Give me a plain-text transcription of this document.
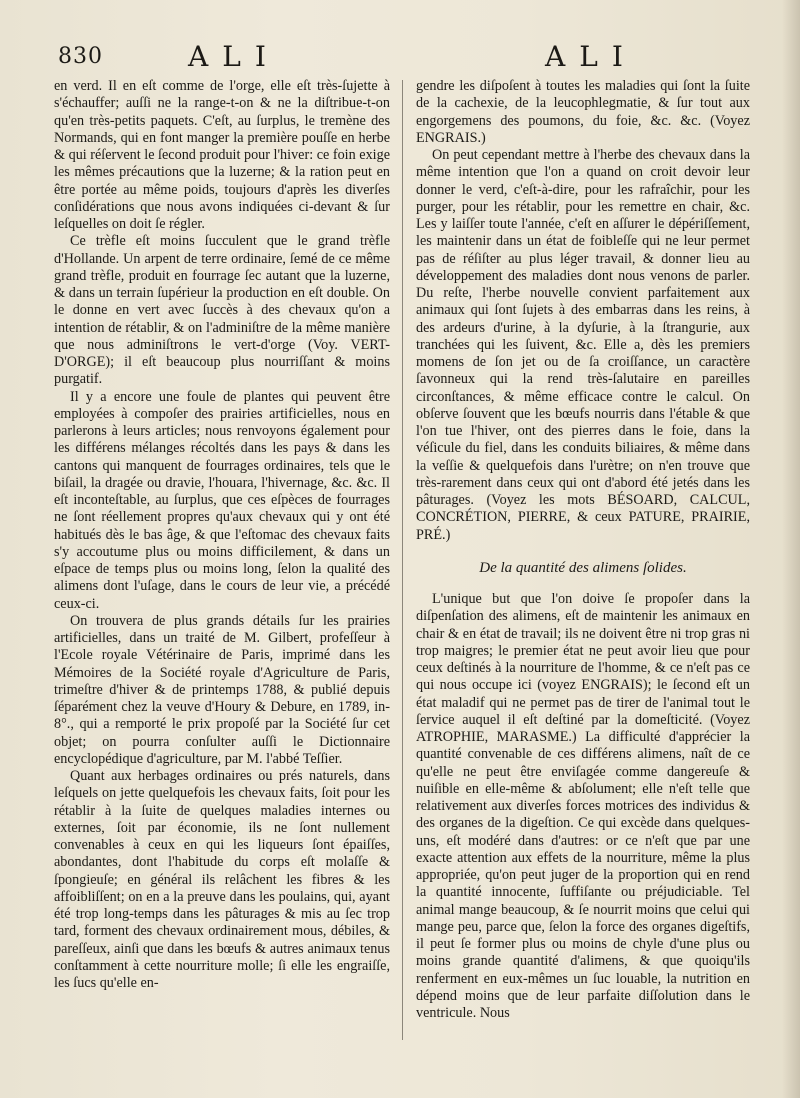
830	ALI	ALI

en verd. Il en eſt comme de l'orge, elle eſt très-ſujette à s'échauffer; auſſi ne la range-t-on & ne la diſtribue-t-on qu'en très-petits paquets. C'eſt, au ſurplus, le tremène des Normands, qui en font manger la première pouſſe en herbe & qui réſervent le ſecond produit pour l'hiver: ce foin exige les mêmes précautions que la luzerne; & la ration peut en être portée au même poids, toujours d'après les diverſes conſidérations que nous avons indiquées ci-devant & ſur leſquelles on doit ſe régler.

Ce trèfle eſt moins ſucculent que le grand trèfle d'Hollande. Un arpent de terre ordinaire, ſemé de ce même grand trèfle, produit en fourrage ſec autant que la luzerne, & dans un terrain ſupérieur la production en eſt double. On le donne en vert avec ſuccès à des chevaux qu'on a intention de rétablir, & on l'adminiſtre de la même manière que nous adminiſtrons le vert-d'orge (Voy. VERT-D'ORGE); il eſt beaucoup plus nourriſſant & moins purgatif.

Il y a encore une foule de plantes qui peuvent être employées à compoſer des prairies artificielles, nous en parlerons à leurs articles; nous renvoyons également pour les différens mélanges récoltés dans les pays & dans les cantons qui manquent de fourrages ordinaires, tels que le biſail, la dragée ou dravie, l'houara, l'hivernage, &c. &c. Il eſt inconteſtable, au ſurplus, que ces eſpèces de fourrages ne ſont réellement propres qu'aux chevaux qui y ont été habitués dès le bas âge, & que l'eſtomac des chevaux faits s'y accoutume plus ou moins difficilement, & dans un eſpace de temps plus ou moins long, ſelon la qualité des alimens dont l'uſage, dans le cours de leur vie, a précédé ceux-ci.

On trouvera de plus grands détails ſur les prairies artificielles, dans un traité de M. Gilbert, profeſſeur à l'Ecole royale Vétérinaire de Paris, imprimé dans les Mémoires de la Société royale d'Agriculture de Paris, trimeſtre d'hiver & de printemps 1788, & publié depuis ſéparément chez la veuve d'Houry & Debure, en 1789, in-8°., qui a remporté le prix propoſé par la Société ſur cet objet; on pourra conſulter auſſi le Dictionnaire encyclopédique d'agriculture, par M. l'abbé Teſſier.

Quant aux herbages ordinaires ou prés naturels, dans leſquels on jette quelquefois les chevaux faits, ſoit pour les rétablir à la ſuite de quelques maladies internes ou externes, ſoit par économie, ils ne ſont nullement convenables à ceux en qui les liqueurs ſont épaiſſes, abondantes, dont l'habitude du corps eſt molaſſe & ſpongieuſe; en général ils relâchent les fibres & les affoibliſſent; on en a la preuve dans les poulains, qui, ayant été trop long-temps dans les pâturages & mis au ſec trop tard, forment des chevaux ordinairement mous, débiles, & pareſſeux, ainſi que dans les bœufs & autres animaux tenus conſtamment à cette nourriture molle; ſi elle les engraiſſe, les ſucs qu'elle en-

gendre les diſpoſent à toutes les maladies qui ſont la ſuite de la cachexie, de la leucophlegmatie, & ſur tout aux engorgemens des poumons, du foie, &c. &c. (Voyez ENGRAIS.)

On peut cependant mettre à l'herbe des chevaux dans la même intention que l'on a quand on croit devoir leur donner le verd, c'eſt-à-dire, pour les rafraîchir, pour les purger, pour les rétablir, pour les remettre en chair, &c. Les y laiſſer toute l'année, c'eſt en aſſurer le dépériſſement, les maintenir dans un état de foibleſſe qui ne leur permet pas de réſiſter au plus léger travail, & donner lieu au développement des maladies dont nous venons de parler. Du reſte, l'herbe nouvelle convient parfaitement aux animaux qui ſont ſujets à des embarras dans les reins, à des ardeurs d'urine, à la dyſurie, à la ſtrangurie, aux tranchées qui les ſuivent, &c. Elle a, dès les premiers momens de ſon jet ou de ſa croiſſance, un caractère ſavonneux qui la rend très-ſalutaire en pareilles circonſtances, & même efficace contre le calcul. On obſerve ſouvent que les bœufs nourris dans l'étable & que l'on tue l'hiver, ont des pierres dans le foie, dans la véſicule du fiel, dans les conduits biliaires, & même dans la veſſie & quelquefois dans l'urètre; on n'en trouve que très-rarement dans ceux qui ont d'abord été jetés dans les pâturages. (Voyez les mots BÉSOARD, CALCUL, CONCRÉTION, PIERRE, & ceux PATURE, PRAIRIE, PRÉ.)

De la quantité des alimens ſolides.

L'unique but que l'on doive ſe propoſer dans la diſpenſation des alimens, eſt de maintenir les animaux en chair & en état de travail; ils ne doivent être ni trop gras ni trop maigres; le premier état ne peut avoir lieu que pour ceux deſtinés à la nourriture de l'homme, & ce n'eſt pas ce qui nous occupe ici (voyez ENGRAIS); le ſecond eſt un état maladif qui ne permet pas de tirer de l'animal tout le ſervice auquel il eſt deſtiné par la domeſticité. (Voyez ATROPHIE, MARASME.) La difficulté d'apprécier la quantité convenable de ces différens alimens, naît de ce qu'elle ne peut être enviſagée comme dangereuſe & nuiſible en elle-même & abſolument; elle n'eſt telle que relativement aux diverſes forces motrices des individus & des organes de la digeſtion. Ce qui excède dans quelques-uns, eſt modéré dans d'autres: or ce n'eſt que par une exacte attention aux effets de la nourriture, même la plus appropriée, qu'on peut juger de la proportion qui en rend la quantité innocente, ſuffiſante ou préjudiciable. Tel animal mange beaucoup, & ſe nourrit moins que celui qui mange peu, parce que, ſelon la force des organes digeſtifs, il peut ſe former plus ou moins de chyle d'une plus ou moins grande quantité d'alimens, & que quoiqu'ils renferment en eux-mêmes un ſuc louable, la nutrition en dépend moins que de leur parfaite diſſolution dans le ventricule. Nous
